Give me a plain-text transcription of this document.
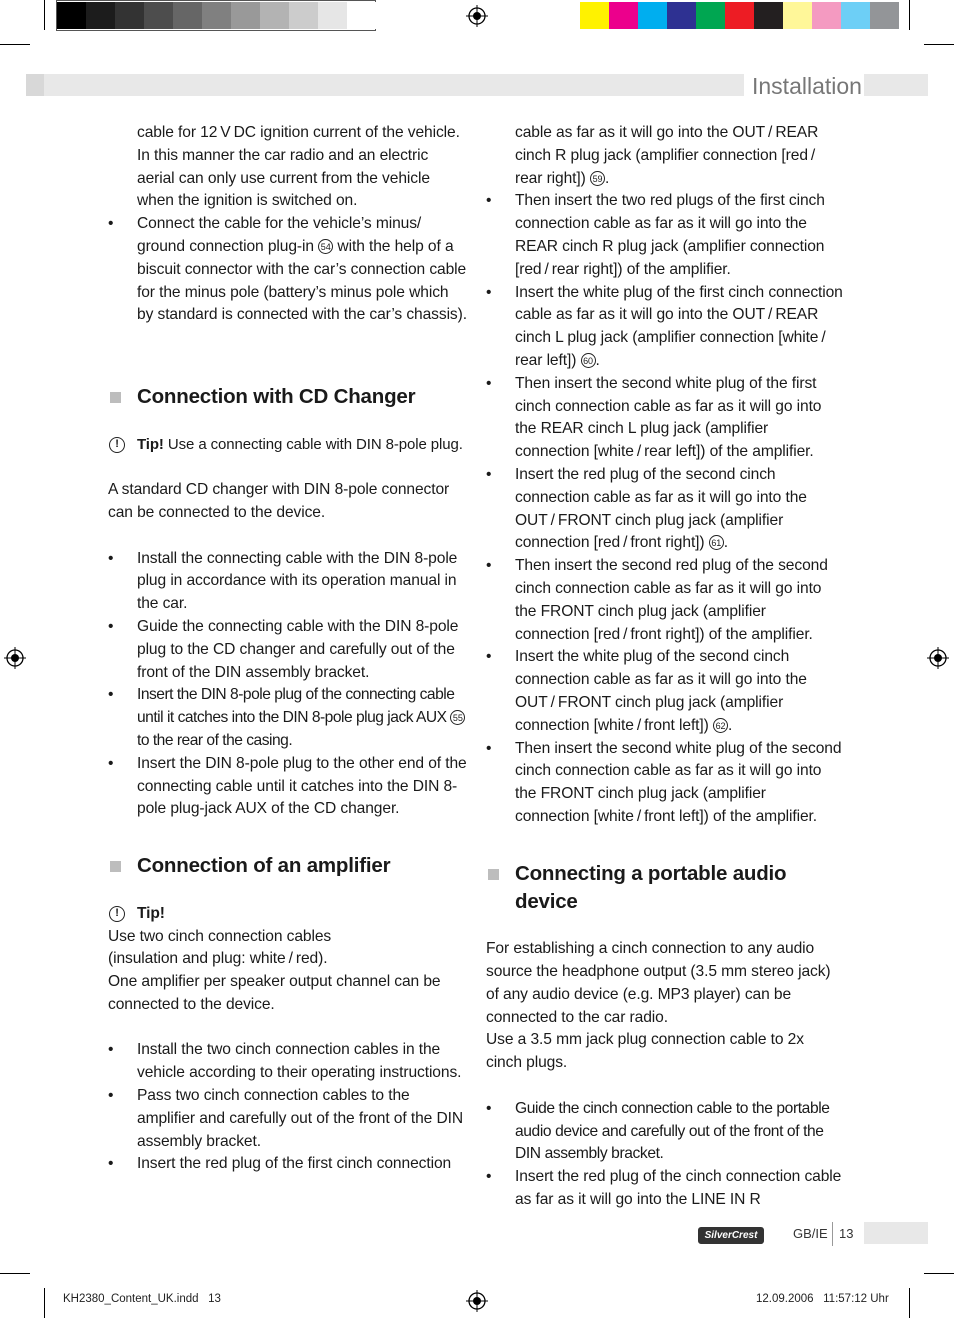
Installation

cable for 12 V DC ignition current of the vehicle. In this manner the car radio and an electric aerial can only use current from the vehicle when the ignition is switched on.

• Connect the cable for the vehicle’s minus/ ground connection plug-in 54 with the help of a biscuit connector with the car’s connection cable for the minus pole (battery’s minus pole which by standard is connected with the car’s chassis).
Connection with CD Changer
!	Tip! Use a connecting cable with DIN 8-pole plug.

A standard CD changer with DIN 8-pole connector can be connected to the device.

• Install the connecting cable with the DIN 8-pole plug in accordance with its operation manual in the car.
• Guide the connecting cable with the DIN 8-pole plug to the CD changer and carefully out of the front of the DIN assembly bracket.
• Insert the DIN 8-pole plug of the connecting cable until it catches into the DIN 8-pole plug jack AUX 55 to the rear of the casing.
• Insert the DIN 8-pole plug to the other end of the connecting cable until it catches into the DIN 8-pole plug-jack AUX of the CD changer.
Connection of an amplifier
!	Tip!

Use two cinch connection cables

(insulation and plug: white / red).

One amplifier per speaker output channel can be connected to the device.

• Install the two cinch connection cables in the vehicle according to their operating instructions.
• Pass two cinch connection cables to the amplifier and carefully out of the front of the DIN assembly bracket.
• Insert the red plug of the first cinch connection

cable as far as it will go into the OUT / REAR cinch R plug jack (amplifier connection [red / rear right]) 59 .

• Then insert the two red plugs of the first cinch connection cable as far as it will go into the REAR cinch R plug jack (amplifier connection [red / rear right]) of the amplifier.
• Insert the white plug of the first cinch connection cable as far as it will go into the OUT / REAR cinch L plug jack (amplifier connection [white / rear left]) 60 .
• Then insert the second white plug of the first cinch connection cable as far as it will go into the REAR cinch L plug jack (amplifier connection [white / rear left]) of the amplifier.
• Insert the red plug of the second cinch connection cable as far as it will go into the OUT / FRONT cinch plug jack (amplifier connection [red / front right]) 61 .
• Then insert the second red plug of the second cinch connection cable as far as it will go into the FRONT cinch plug jack (amplifier connection [red / front right]) of the amplifier.
• Insert the white plug of the second cinch connection cable as far as it will go into the OUT / FRONT cinch plug jack (amplifier connection [white / front left]) 62 .
• Then insert the second white plug of the second cinch connection cable as far as it will go into the FRONT cinch plug jack (amplifier connection [white / front left]) of the amplifier.
Connecting a portable audio device

For establishing a cinch connection to any audio source the headphone output (3.5 mm stereo jack) of any audio device (e.g. MP3 player) can be connected to the car radio.

Use a 3.5 mm jack plug connection cable to 2x cinch plugs.

• Guide the cinch connection cable to the portable audio device and carefully out of the front of the DIN assembly bracket.
• Insert the red plug of the cinch connection cable as far as it will go into the LINE IN R
SilverCrest	GB/IE 13
KH2380_Content_UK.indd   13	12.09.2006   11:57:12 Uhr
